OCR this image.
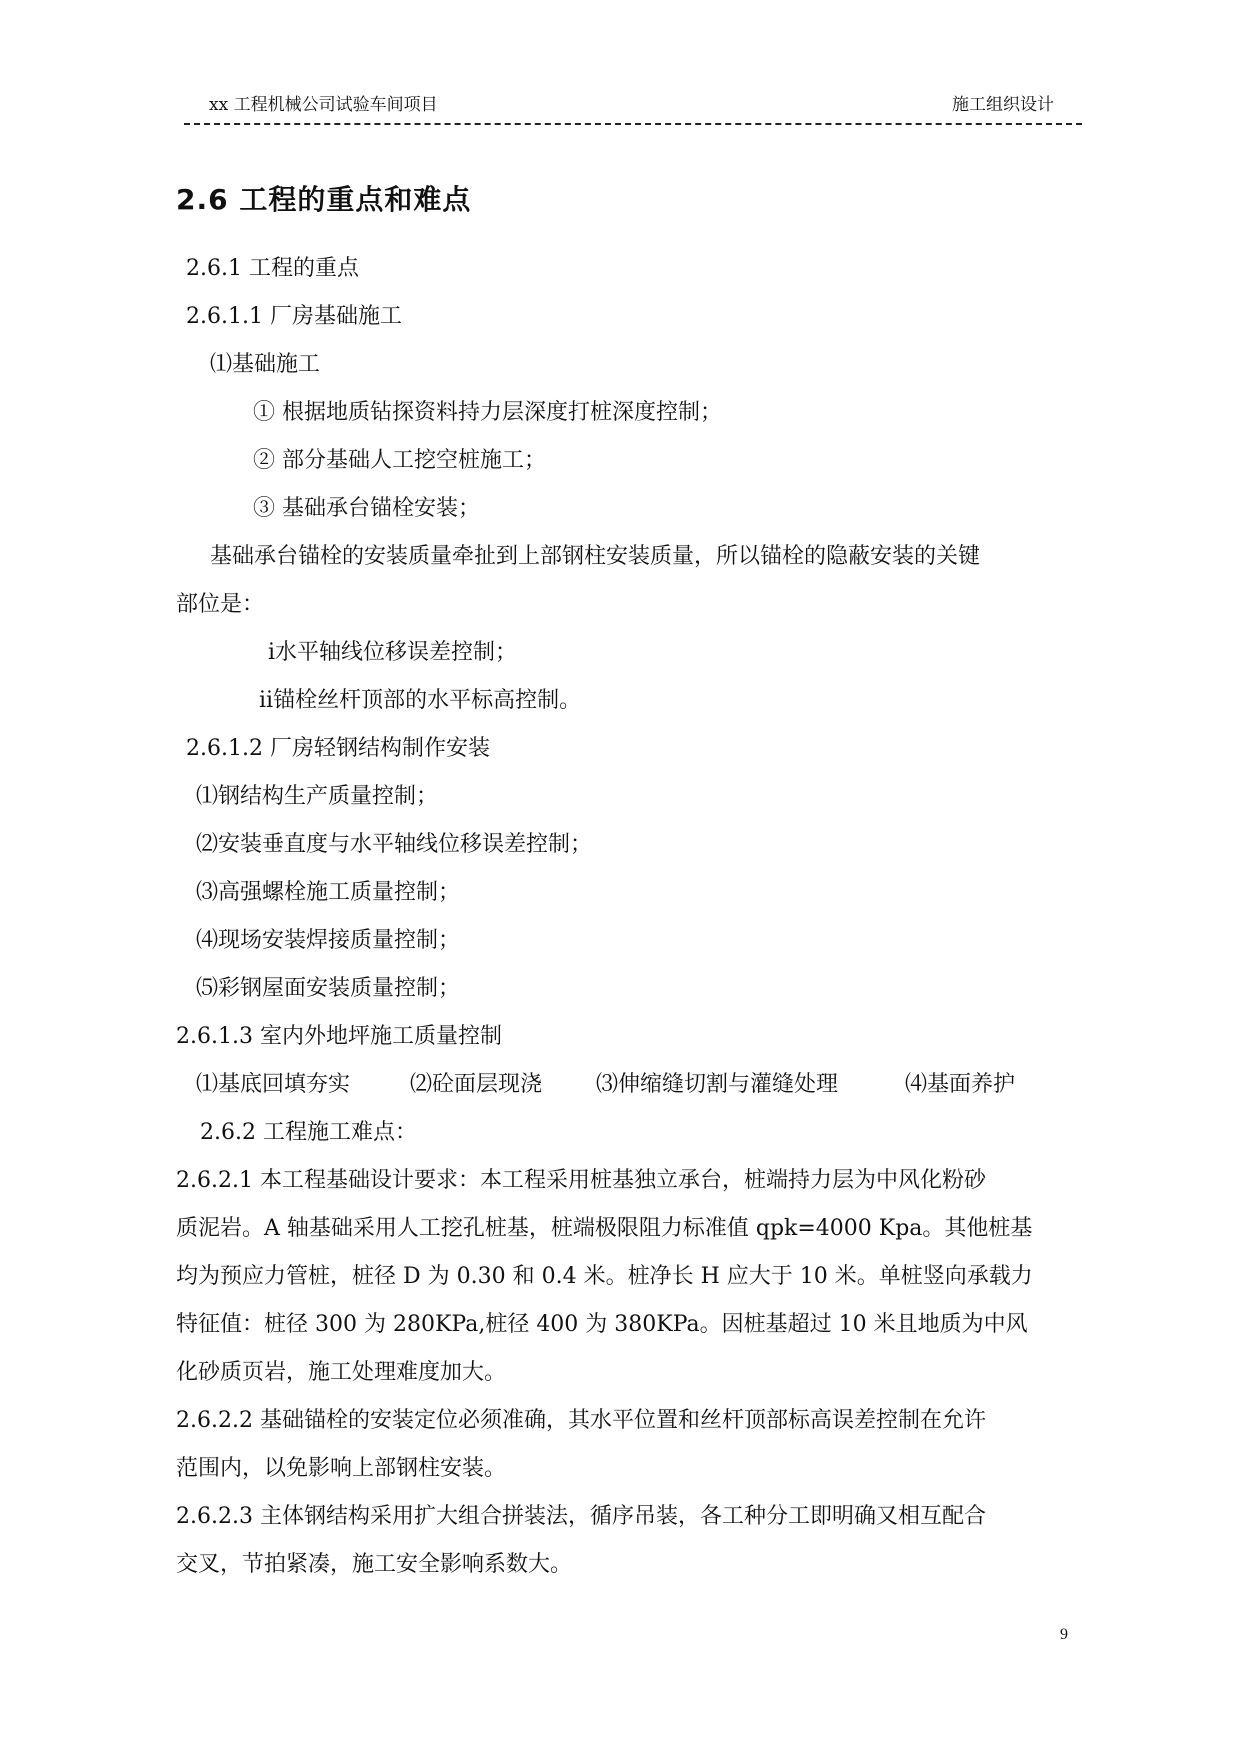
xx 工程机械公司试验车间项目	施工组织设计
2.6 工程的重点和难点
2.6.1 工程的重点
2.6.1.1 厂房基础施工
⑴基础施工
① 根据地质钻探资料持力层深度打桩深度控制；
② 部分基础人工挖空桩施工；
③ 基础承台锚栓安装；
基础承台锚栓的安装质量牵扯到上部钢柱安装质量，所以锚栓的隐蔽安装的关键
部位是：
ⅰ水平轴线位移误差控制；
ⅱ锚栓丝杆顶部的水平标高控制。
2.6.1.2 厂房轻钢结构制作安装
⑴钢结构生产质量控制；
⑵安装垂直度与水平轴线位移误差控制；
⑶高强螺栓施工质量控制；
⑷现场安装焊接质量控制；
⑸彩钢屋面安装质量控制；
2.6.1.3 室内外地坪施工质量控制
⑴基底回填夯实	⑵砼面层现浇 ⑶伸缩缝切割与灌缝处理	⑷基面养护
2.6.2 工程施工难点：
2.6.2.1 本工程基础设计要求：本工程采用桩基独立承台，桩端持力层为中风化粉砂
质泥岩。A 轴基础采用人工挖孔桩基，桩端极限阻力标准值 qpk=4000 Kpa。其他桩基
均为预应力管桩，桩径 D 为 0.30 和 0.4 米。桩净长 H 应大于 10 米。单桩竖向承载力
特征值：桩径 300 为 280KPa,桩径 400 为 380KPa。因桩基超过 10 米且地质为中风
化砂质页岩，施工处理难度加大。
2.6.2.2 基础锚栓的安装定位必须准确，其水平位置和丝杆顶部标高误差控制在允许
范围内，以免影响上部钢柱安装。
2.6.2.3 主体钢结构采用扩大组合拼装法，循序吊装，各工种分工即明确又相互配合
交叉，节拍紧凑，施工安全影响系数大。
9
